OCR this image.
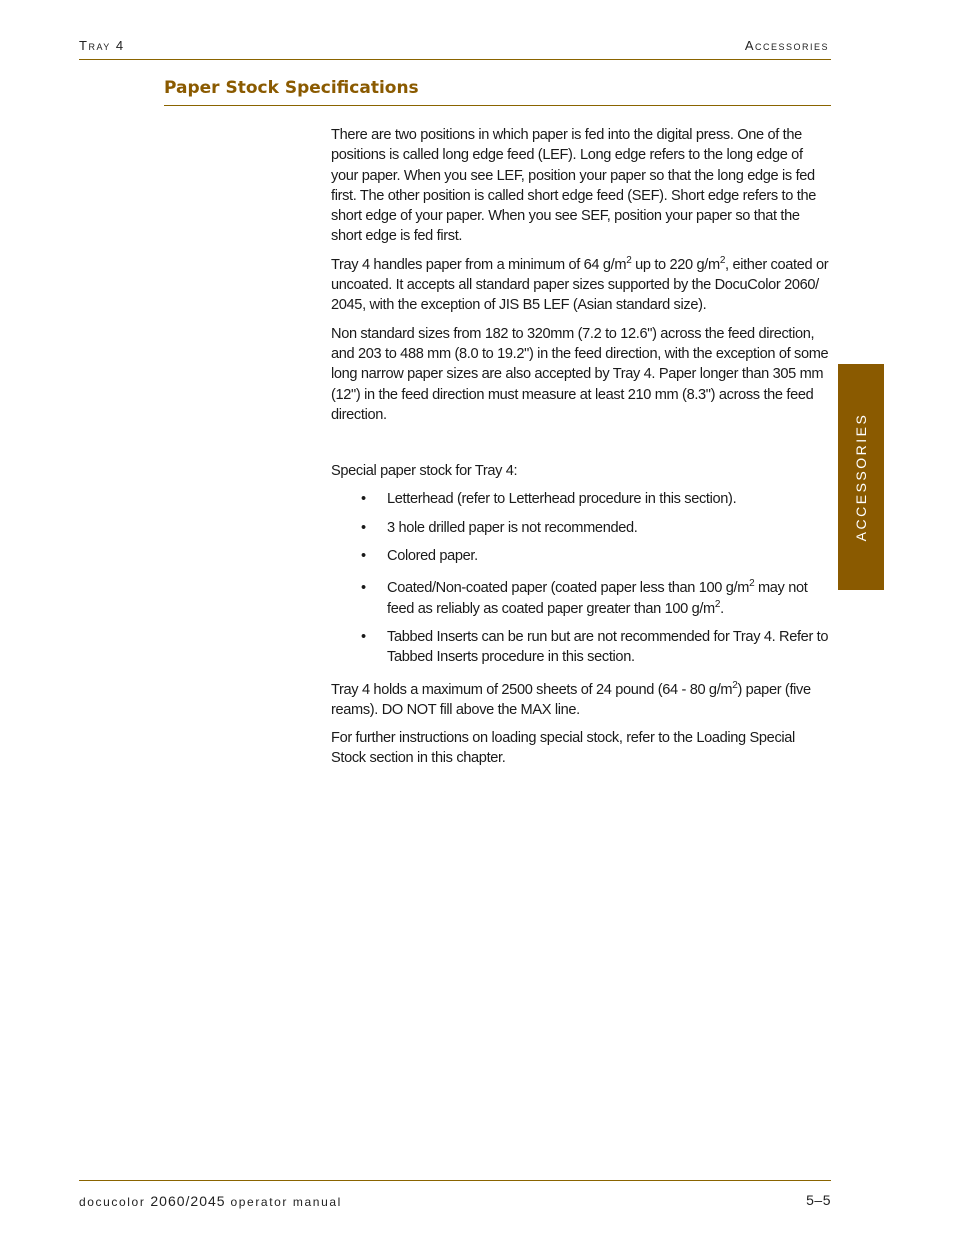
Tray 4	Accessories
Paper Stock Specifications

There are two positions in which paper is fed into the digital press. One of the positions is called long edge feed (LEF). Long edge refers to the long edge of your paper. When you see LEF, position your paper so that the long edge is fed first. The other position is called short edge feed (SEF). Short edge refers to the short edge of your paper. When you see SEF, position your paper so that the short edge is fed first.

Tray 4 handles paper from a minimum of 64 $g/m^2$ up to 220 $g/m^2$, either coated or uncoated. It accepts all standard paper sizes supported by the DocuColor 2060/ 2045, with the exception of JIS B5 LEF (Asian standard size).

Non standard sizes from 182 to 320mm (7.2 to 12.6") across the feed direction, and 203 to 488 mm (8.0 to 19.2") in the feed direction, with the exception of some long narrow paper sizes are also accepted by Tray 4. Paper longer than 305 mm (12") in the feed direction must measure at least 210 mm (8.3") across the feed direction.

Special paper stock for Tray 4:

• Letterhead (refer to Letterhead procedure in this section).
• 3 hole drilled paper is not recommended.
• Colored paper.
• Coated/Non-coated paper (coated paper less than 100 $g/m^2$ may not feed as reliably as coated paper greater than 100 $g/m^2$.
• Tabbed Inserts can be run but are not recommended for Tray 4. Refer to Tabbed Inserts procedure in this section.

Tray 4 holds a maximum of 2500 sheets of 24 pound (64 - 80 $g/m^2$) paper (five reams). DO NOT fill above the MAX line.

For further instructions on loading special stock, refer to the Loading Special Stock section in this chapter.

ACCESSORIES
docucolor 2060/2045 operator manual	5–5
